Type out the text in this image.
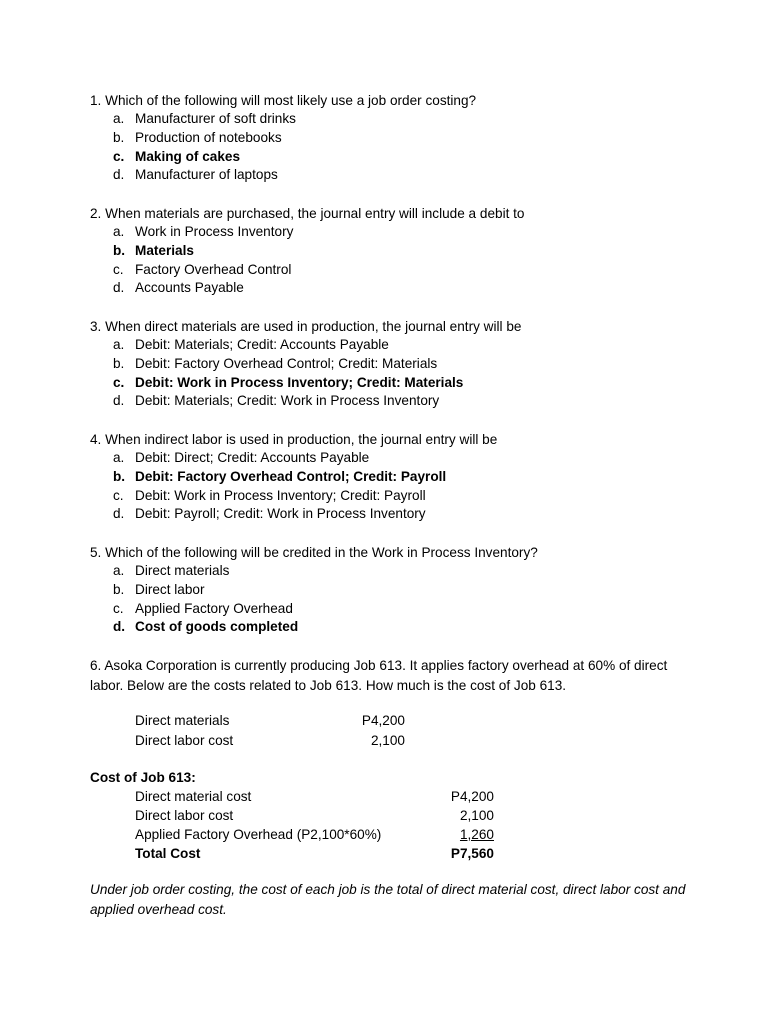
1. Which of the following will most likely use a job order costing?
a. Manufacturer of soft drinks
b. Production of notebooks
c. Making of cakes
d. Manufacturer of laptops
2. When materials are purchased, the journal entry will include a debit to
a. Work in Process Inventory
b. Materials
c. Factory Overhead Control
d. Accounts Payable
3. When direct materials are used in production, the journal entry will be
a. Debit: Materials; Credit: Accounts Payable
b. Debit: Factory Overhead Control; Credit: Materials
c. Debit: Work in Process Inventory; Credit: Materials
d. Debit: Materials; Credit: Work in Process Inventory
4. When indirect labor is used in production, the journal entry will be
a. Debit: Direct; Credit: Accounts Payable
b. Debit: Factory Overhead Control; Credit: Payroll
c. Debit: Work in Process Inventory; Credit: Payroll
d. Debit: Payroll; Credit: Work in Process Inventory
5. Which of the following will be credited in the Work in Process Inventory?
a. Direct materials
b. Direct labor
c. Applied Factory Overhead
d. Cost of goods completed
6. Asoka Corporation is currently producing Job 613. It applies factory overhead at 60% of direct labor. Below are the costs related to Job 613. How much is the cost of Job 613.
Direct materials	P4,200
Direct labor cost	2,100
Cost of Job 613:
Direct material cost	P4,200
Direct labor cost	2,100
Applied Factory Overhead (P2,100*60%)	1,260
Total Cost	P7,560
Under job order costing, the cost of each job is the total of direct material cost, direct labor cost and applied overhead cost.
